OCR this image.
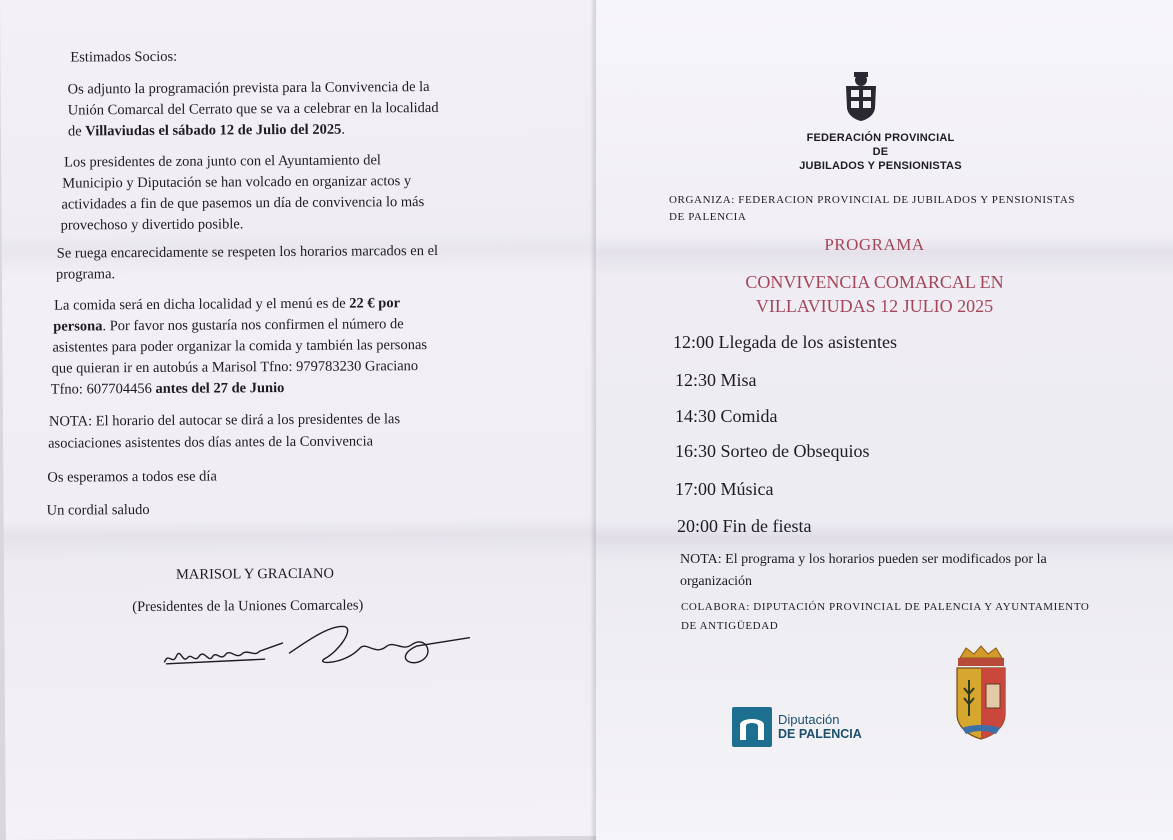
Estimados Socios:

Os adjunto la programación prevista para la Convivencia de la

Unión Comarcal del Cerrato que se va a celebrar en la localidad

de Villaviudas el sábado 12 de Julio del 2025.

Los presidentes de zona junto con el Ayuntamiento del

Municipio y Diputación se han volcado en organizar actos y

actividades a fin de que pasemos un día de convivencia lo más

provechoso y divertido posible.

Se ruega encarecidamente se respeten los horarios marcados en el

programa.

La comida será en dicha localidad y el menú es de 22 € por

persona. Por favor nos gustaría nos confirmen el número de

asistentes para poder organizar la comida y también las personas

que quieran ir en autobús a Marisol Tfno: 979783230 Graciano

Tfno: 607704456 antes del 27 de Junio

NOTA: El horario del autocar se dirá a los presidentes de las

asociaciones asistentes dos días antes de la Convivencia

Os esperamos a todos ese día

Un cordial saludo

MARISOL Y GRACIANO

(Presidentes de la Uniones Comarcales)

FEDERACIÓN PROVINCIAL
DE
JUBILADOS Y PENSIONISTAS
ORGANIZA: FEDERACION PROVINCIAL DE JUBILADOS Y PENSIONISTAS
DE PALENCIA
PROGRAMA
CONVIVENCIA COMARCAL EN
VILLAVIUDAS 12 JULIO 2025
12:00 Llegada de los asistentes
12:30 Misa
14:30 Comida
16:30 Sorteo de Obsequios
17:00 Música
20:00 Fin de fiesta
NOTA: El programa y los horarios pueden ser modificados por la
organización
COLABORA: DIPUTACIÓN PROVINCIAL DE PALENCIA Y AYUNTAMIENTO
DE ANTIGÜEDAD
Diputación
DE PALENCIA
